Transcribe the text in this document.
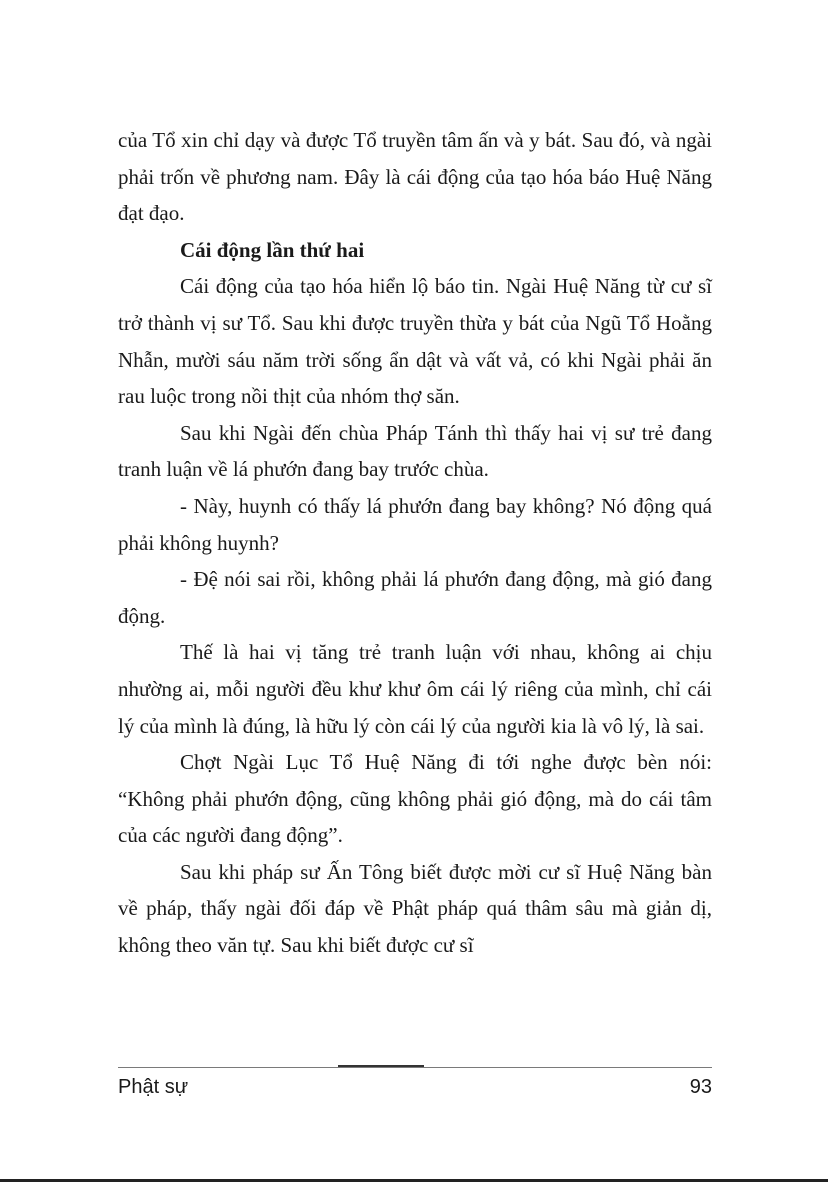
của Tổ xin chỉ dạy và được Tổ truyền tâm ấn và y bát. Sau đó, và ngài phải trốn về phương nam. Đây là cái động của tạo hóa báo Huệ Năng đạt đạo.

Cái động lần thứ hai

Cái động của tạo hóa hiển lộ báo tin. Ngài Huệ Năng từ cư sĩ trở thành vị sư Tổ. Sau khi được truyền thừa y bát của Ngũ Tổ Hoằng Nhẫn, mười sáu năm trời sống ẩn dật và vất vả, có khi Ngài phải ăn rau luộc trong nồi thịt của nhóm thợ săn.

Sau khi Ngài đến chùa Pháp Tánh thì thấy hai vị sư trẻ đang tranh luận về lá phướn đang bay trước chùa.

- Này, huynh có thấy lá phướn đang bay không? Nó động quá phải không huynh?

- Đệ nói sai rồi, không phải lá phướn đang động, mà gió đang động.

Thế là hai vị tăng trẻ tranh luận với nhau, không ai chịu nhường ai, mỗi người đều khư khư ôm cái lý riêng của mình, chỉ cái lý của mình là đúng, là hữu lý còn cái lý của người kia là vô lý, là sai.

Chợt Ngài Lục Tổ Huệ Năng đi tới nghe được bèn nói: “Không phải phướn động, cũng không phải gió động, mà do cái tâm của các người đang động”.

Sau khi pháp sư Ấn Tông biết được mời cư sĩ Huệ Năng bàn về pháp, thấy ngài đối đáp về Phật pháp quá thâm sâu mà giản dị, không theo văn tự. Sau khi biết được cư sĩ

Phật sự	93
